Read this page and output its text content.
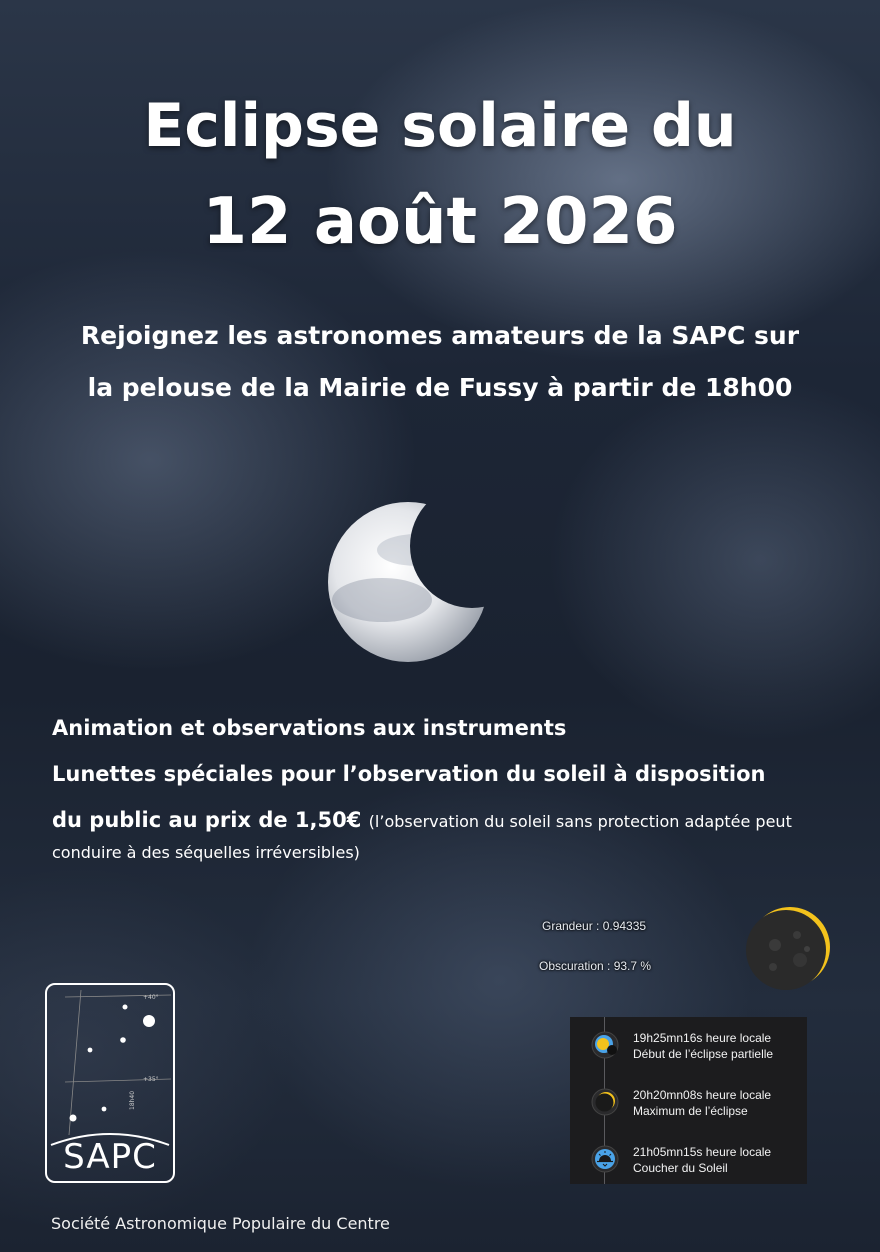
Eclipse solaire du
12 août 2026
Rejoignez les astronomes amateurs de la SAPC sur
la pelouse de la Mairie de Fussy à partir de 18h00
Animation et observations aux instruments
Lunettes spéciales pour l’observation du soleil à disposition
du public au prix de 1,50€ (l’observation du soleil sans protection adaptée peut
conduire à des séquelles irréversibles)
Grandeur : 0.94335
Obscuration : 93.7 %
19h25mn16s heure locale
Début de l’éclipse partielle
20h20mn08s heure locale
Maximum de l’éclipse
21h05mn15s heure locale
Coucher du Soleil
+40°
+35°
18h40
SAPC
Société Astronomique Populaire du Centre
